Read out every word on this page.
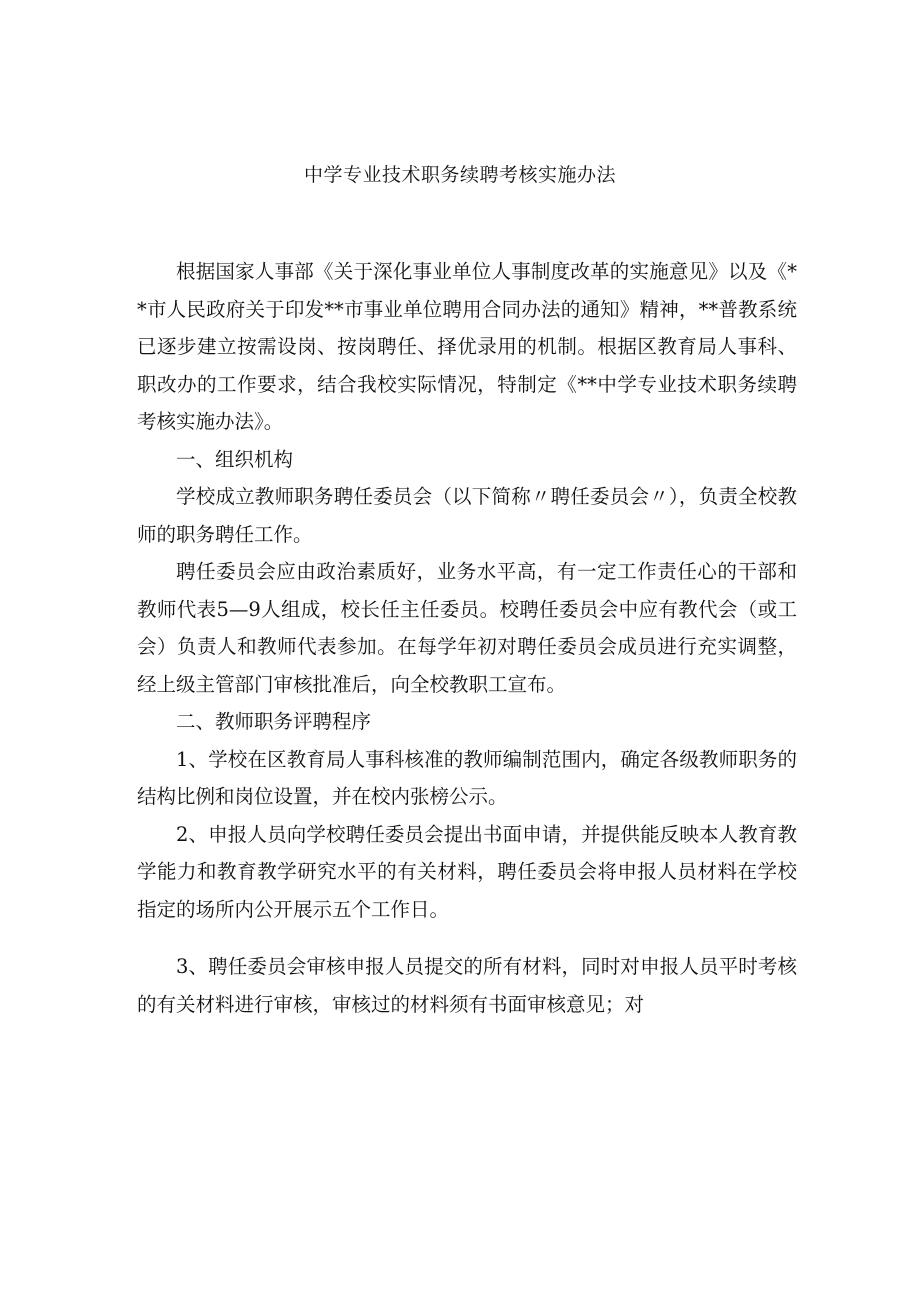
中学专业技术职务续聘考核实施办法

根据国家人事部《关于深化事业单位人事制度改革的实施意见》以及《**市人民政府关于印发**市事业单位聘用合同办法的通知》精神，**普教系统已逐步建立按需设岗、按岗聘任、择优录用的机制。根据区教育局人事科、职改办的工作要求，结合我校实际情况，特制定《**中学专业技术职务续聘考核实施办法》。

一、组织机构

学校成立教师职务聘任委员会（以下简称〃聘任委员会〃），负责全校教师的职务聘任工作。

聘任委员会应由政治素质好，业务水平高，有一定工作责任心的干部和教师代表5—9人组成，校长任主任委员。校聘任委员会中应有教代会（或工会）负责人和教师代表参加。在每学年初对聘任委员会成员进行充实调整，经上级主管部门审核批准后，向全校教职工宣布。

二、教师职务评聘程序

1、学校在区教育局人事科核准的教师编制范围内，确定各级教师职务的结构比例和岗位设置，并在校内张榜公示。

2、申报人员向学校聘任委员会提出书面申请，并提供能反映本人教育教学能力和教育教学研究水平的有关材料，聘任委员会将申报人员材料在学校指定的场所内公开展示五个工作日。

3、聘任委员会审核申报人员提交的所有材料，同时对申报人员平时考核的有关材料进行审核，审核过的材料须有书面审核意见；对
